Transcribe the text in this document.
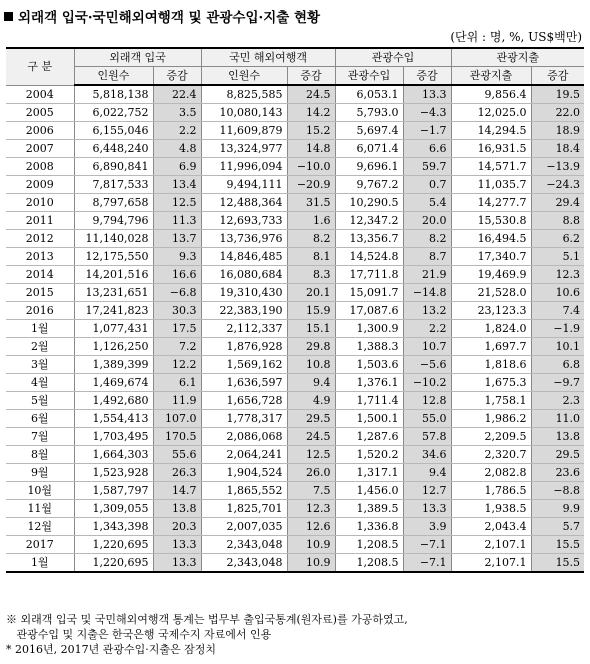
외래객 입국·국민해외여행객 및 관광수입·지출 현황
(단위 : 명, %, US$백만)
구 분	외래객 입국		국민 해외여행객		관광수입		관광지출	
	인원수	증감	인원수	증감	관광수입	증감	관광지출	증감
2004	5,818,138	22.4	8,825,585	24.5	6,053.1	13.3	9,856.4	19.5
2005	6,022,752	3.5	10,080,143	14.2	5,793.0	−4.3	12,025.0	22.0
2006	6,155,046	2.2	11,609,879	15.2	5,697.4	−1.7	14,294.5	18.9
2007	6,448,240	4.8	13,324,977	14.8	6,071.4	6.6	16,931.5	18.4
2008	6,890,841	6.9	11,996,094	−10.0	9,696.1	59.7	14,571.7	−13.9
2009	7,817,533	13.4	9,494,111	−20.9	9,767.2	0.7	11,035.7	−24.3
2010	8,797,658	12.5	12,488,364	31.5	10,290.5	5.4	14,277.7	29.4
2011	9,794,796	11.3	12,693,733	1.6	12,347.2	20.0	15,530.8	8.8
2012	11,140,028	13.7	13,736,976	8.2	13,356.7	8.2	16,494.5	6.2
2013	12,175,550	9.3	14,846,485	8.1	14,524.8	8.7	17,340.7	5.1
2014	14,201,516	16.6	16,080,684	8.3	17,711.8	21.9	19,469.9	12.3
2015	13,231,651	−6.8	19,310,430	20.1	15,091.7	−14.8	21,528.0	10.6
2016	17,241,823	30.3	22,383,190	15.9	17,087.6	13.2	23,123.3	7.4
1월	1,077,431	17.5	2,112,337	15.1	1,300.9	2.2	1,824.0	−1.9
2월	1,126,250	7.2	1,876,928	29.8	1,388.3	10.7	1,697.7	10.1
3월	1,389,399	12.2	1,569,162	10.8	1,503.6	−5.6	1,818.6	6.8
4월	1,469,674	6.1	1,636,597	9.4	1,376.1	−10.2	1,675.3	−9.7
5월	1,492,680	11.9	1,656,728	4.9	1,711.4	12.8	1,758.1	2.3
6월	1,554,413	107.0	1,778,317	29.5	1,500.1	55.0	1,986.2	11.0
7월	1,703,495	170.5	2,086,068	24.5	1,287.6	57.8	2,209.5	13.8
8월	1,664,303	55.6	2,064,241	12.5	1,520.2	34.6	2,320.7	29.5
9월	1,523,928	26.3	1,904,524	26.0	1,317.1	9.4	2,082.8	23.6
10월	1,587,797	14.7	1,865,552	7.5	1,456.0	12.7	1,786.5	−8.8
11월	1,309,055	13.8	1,825,701	12.3	1,389.5	13.3	1,938.5	9.9
12월	1,343,398	20.3	2,007,035	12.6	1,336.8	3.9	2,043.4	5.7
2017	1,220,695	13.3	2,343,048	10.9	1,208.5	−7.1	2,107.1	15.5
1월	1,220,695	13.3	2,343,048	10.9	1,208.5	−7.1	2,107.1	15.5
※ 외래객 입국 및 국민해외여행객 통계는 법무부 출입국통계(원자료)를 가공하였고,
관광수입 및 지출은 한국은행 국제수지 자료에서 인용
* 2016년, 2017년 관광수입·지출은 잠정치
